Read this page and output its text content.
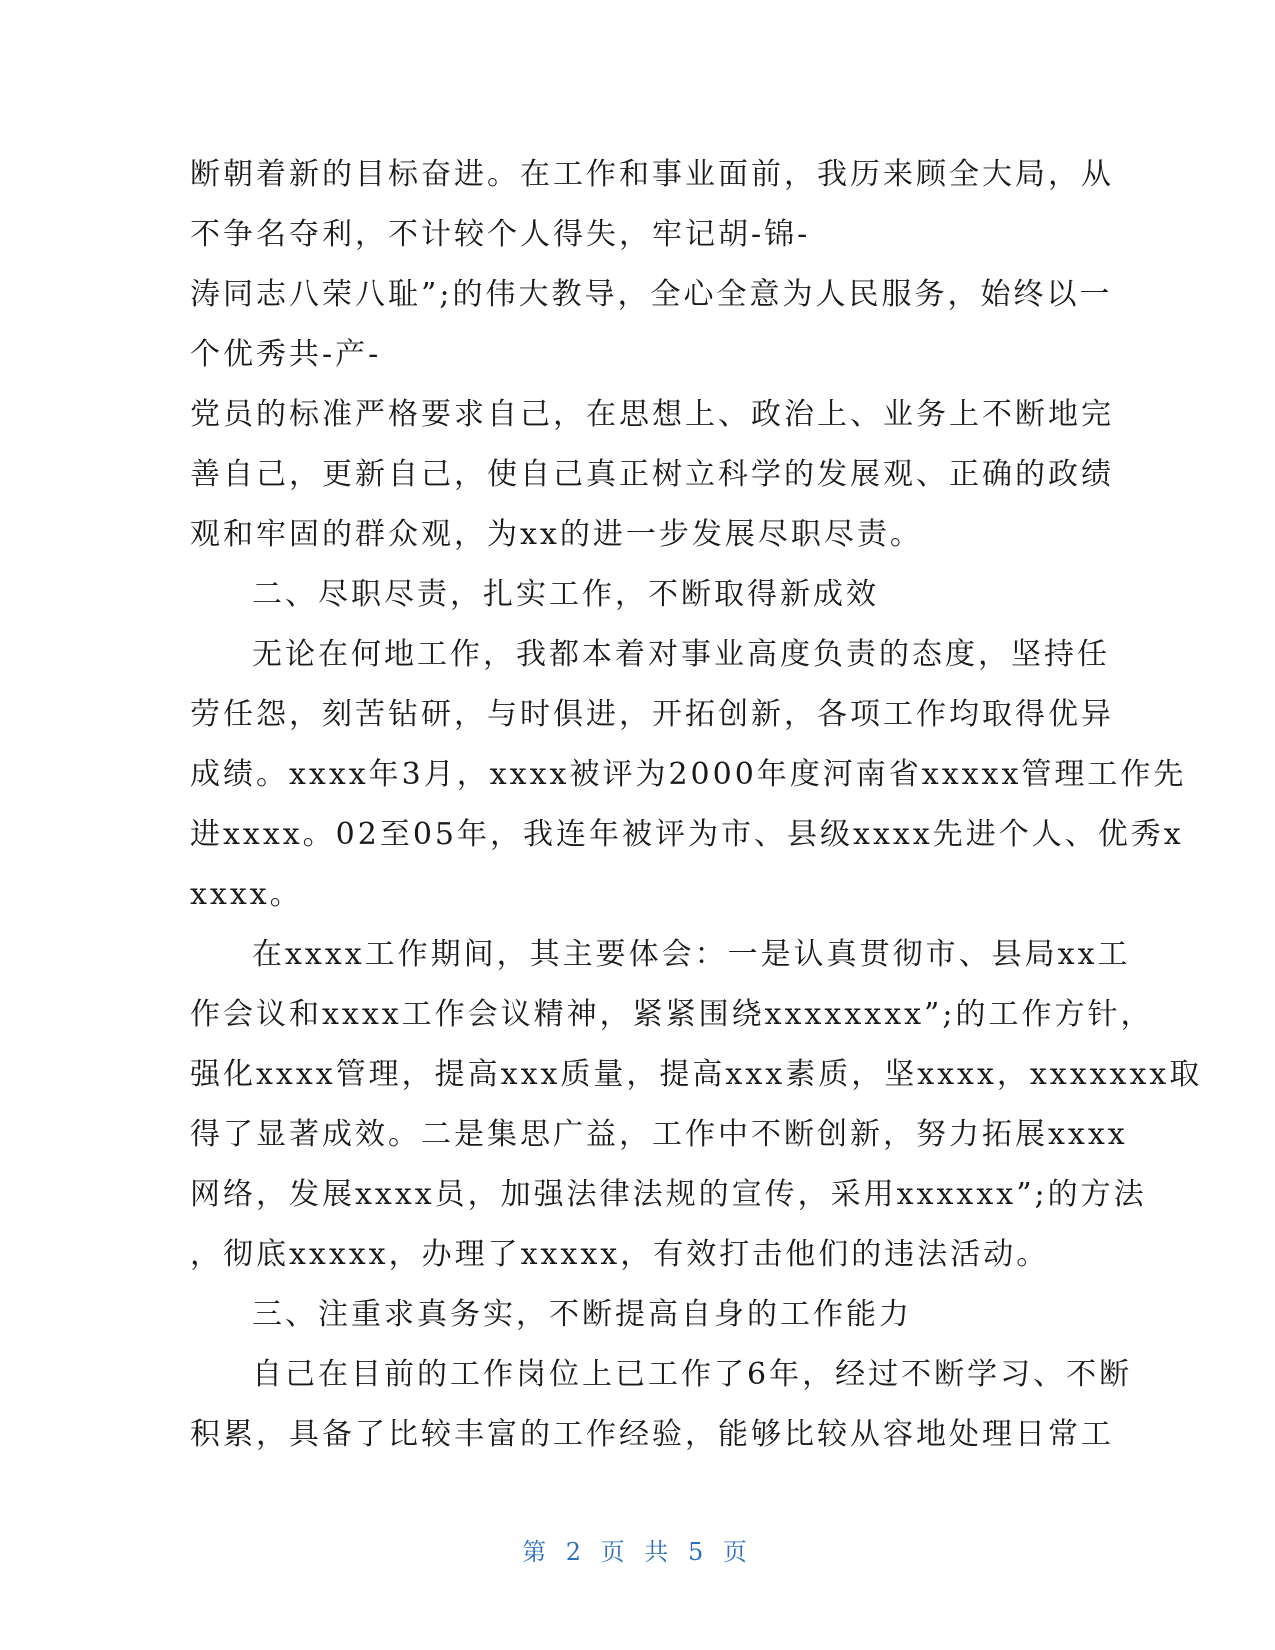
断朝着新的目标奋进。在工作和事业面前，我历来顾全大局，从
不争名夺利，不计较个人得失，牢记胡-锦-
涛同志八荣八耻”;的伟大教导，全心全意为人民服务，始终以一
个优秀共-产-
党员的标准严格要求自己，在思想上、政治上、业务上不断地完
善自己，更新自己，使自己真正树立科学的发展观、正确的政绩
观和牢固的群众观，为xx的进一步发展尽职尽责。
二、尽职尽责，扎实工作，不断取得新成效
无论在何地工作，我都本着对事业高度负责的态度，坚持任
劳任怨，刻苦钻研，与时俱进，开拓创新，各项工作均取得优异
成绩。xxxx年3月，xxxx被评为2000年度河南省xxxxx管理工作先
进xxxx。02至05年，我连年被评为市、县级xxxx先进个人、优秀x
xxxx。
在xxxx工作期间，其主要体会：一是认真贯彻市、县局xx工
作会议和xxxx工作会议精神，紧紧围绕xxxxxxxx”;的工作方针，
强化xxxx管理，提高xxx质量，提高xxx素质，坚xxxx，xxxxxxx取
得了显著成效。二是集思广益，工作中不断创新，努力拓展xxxx
网络，发展xxxx员，加强法律法规的宣传，采用xxxxxx”;的方法
，彻底xxxxx，办理了xxxxx，有效打击他们的违法活动。
三、注重求真务实，不断提高自身的工作能力
自己在目前的工作岗位上已工作了6年，经过不断学习、不断
积累，具备了比较丰富的工作经验，能够比较从容地处理日常工
第 2 页 共 5 页
